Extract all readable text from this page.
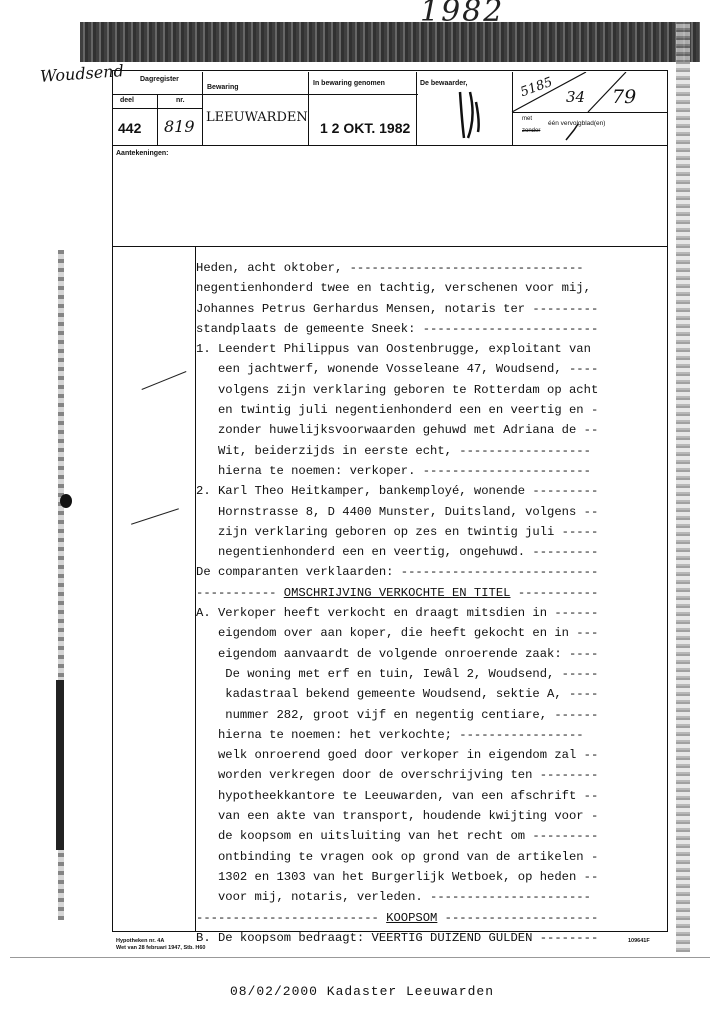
1982
Woudsend Dagregister
deel	nr.
Bewaring
In bewaring genomen	De bewaarder,
Aantekeningen:
442 819 LEEUWARDEN
1 2 OKT. 1982
5185 34 79
met
één vervolgblad(en)
zonder
Heden, acht oktober, --------------------------------
negentienhonderd twee en tachtig, verschenen voor mij,
Johannes Petrus Gerhardus Mensen, notaris ter ---------
standplaats de gemeente Sneek: ------------------------
1. Leendert Philippus van Oostenbrugge, exploitant van
een jachtwerf, wonende Vosseleane 47, Woudsend, ----
volgens zijn verklaring geboren te Rotterdam op acht
en twintig juli negentienhonderd een en veertig en -
zonder huwelijksvoorwaarden gehuwd met Adriana de --
Wit, beiderzijds in eerste echt, ------------------
hierna te noemen: verkoper. -----------------------
2. Karl Theo Heitkamper, bankemployé, wonende ---------
Hornstrasse 8, D 4400 Munster, Duitsland, volgens --
zijn verklaring geboren op zes en twintig juli -----
negentienhonderd een en veertig, ongehuwd. ---------
De comparanten verklaarden: ---------------------------
----------- OMSCHRIJVING VERKOCHTE EN TITEL -----------
A. Verkoper heeft verkocht en draagt mitsdien in ------
eigendom over aan koper, die heeft gekocht en in ---
eigendom aanvaardt de volgende onroerende zaak: ----
De woning met erf en tuin, Iewâl 2, Woudsend, -----
kadastraal bekend gemeente Woudsend, sektie A, ----
nummer 282, groot vijf en negentig centiare, ------
hierna te noemen: het verkochte; -----------------
welk onroerend goed door verkoper in eigendom zal --
worden verkregen door de overschrijving ten --------
hypotheekkantore te Leeuwarden, van een afschrift --
van een akte van transport, houdende kwijting voor -
de koopsom en uitsluiting van het recht om ---------
ontbinding te vragen ook op grond van de artikelen -
1302 en 1303 van het Burgerlijk Wetboek, op heden --
voor mij, notaris, verleden. ----------------------
------------------------- KOOPSOM ---------------------
B. De koopsom bedraagt: VEERTIG DUIZEND GULDEN --------
Hypotheken nr. 4A
Wet van 28 februari 1947, Stb. H60
109641F
08/02/2000 Kadaster Leeuwarden
